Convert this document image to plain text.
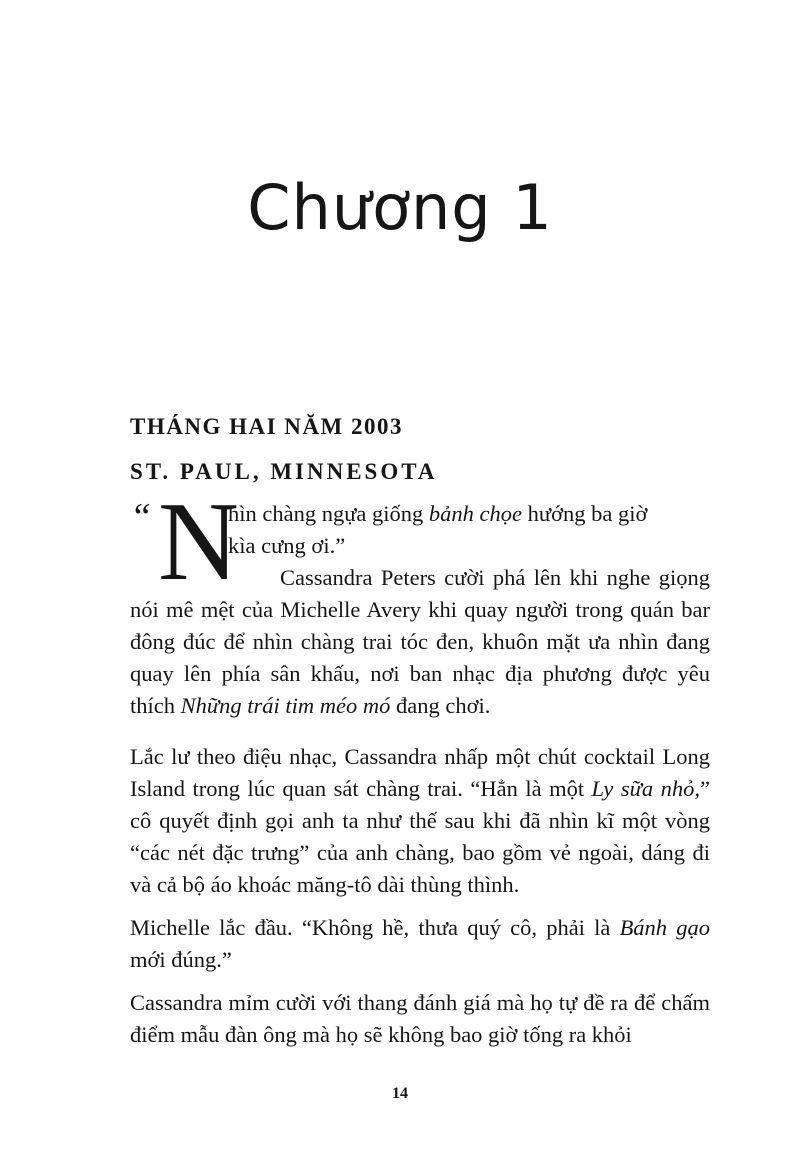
Chương 1
THÁNG HAI NĂM 2003
ST. PAUL, MINNESOTA
“ N
hìn chàng ngựa giống bảnh chọe hướng ba giờ
kìa cưng ơi.”
Cassandra Peters cười phá lên khi nghe giọng nói mê mệt của Michelle Avery khi quay người trong quán bar đông đúc để nhìn chàng trai tóc đen, khuôn mặt ưa nhìn đang quay lên phía sân khấu, nơi ban nhạc địa phương được yêu thích Những trái tim méo mó đang chơi.

Lắc lư theo điệu nhạc, Cassandra nhấp một chút cocktail Long Island trong lúc quan sát chàng trai. “Hẳn là một Ly sữa nhỏ,” cô quyết định gọi anh ta như thế sau khi đã nhìn kĩ một vòng “các nét đặc trưng” của anh chàng, bao gồm vẻ ngoài, dáng đi và cả bộ áo khoác măng-tô dài thùng thình.

Michelle lắc đầu. “Không hề, thưa quý cô, phải là Bánh gạo mới đúng.”

Cassandra mỉm cười với thang đánh giá mà họ tự đề ra để chấm điểm mẫu đàn ông mà họ sẽ không bao giờ tống ra khỏi

14
